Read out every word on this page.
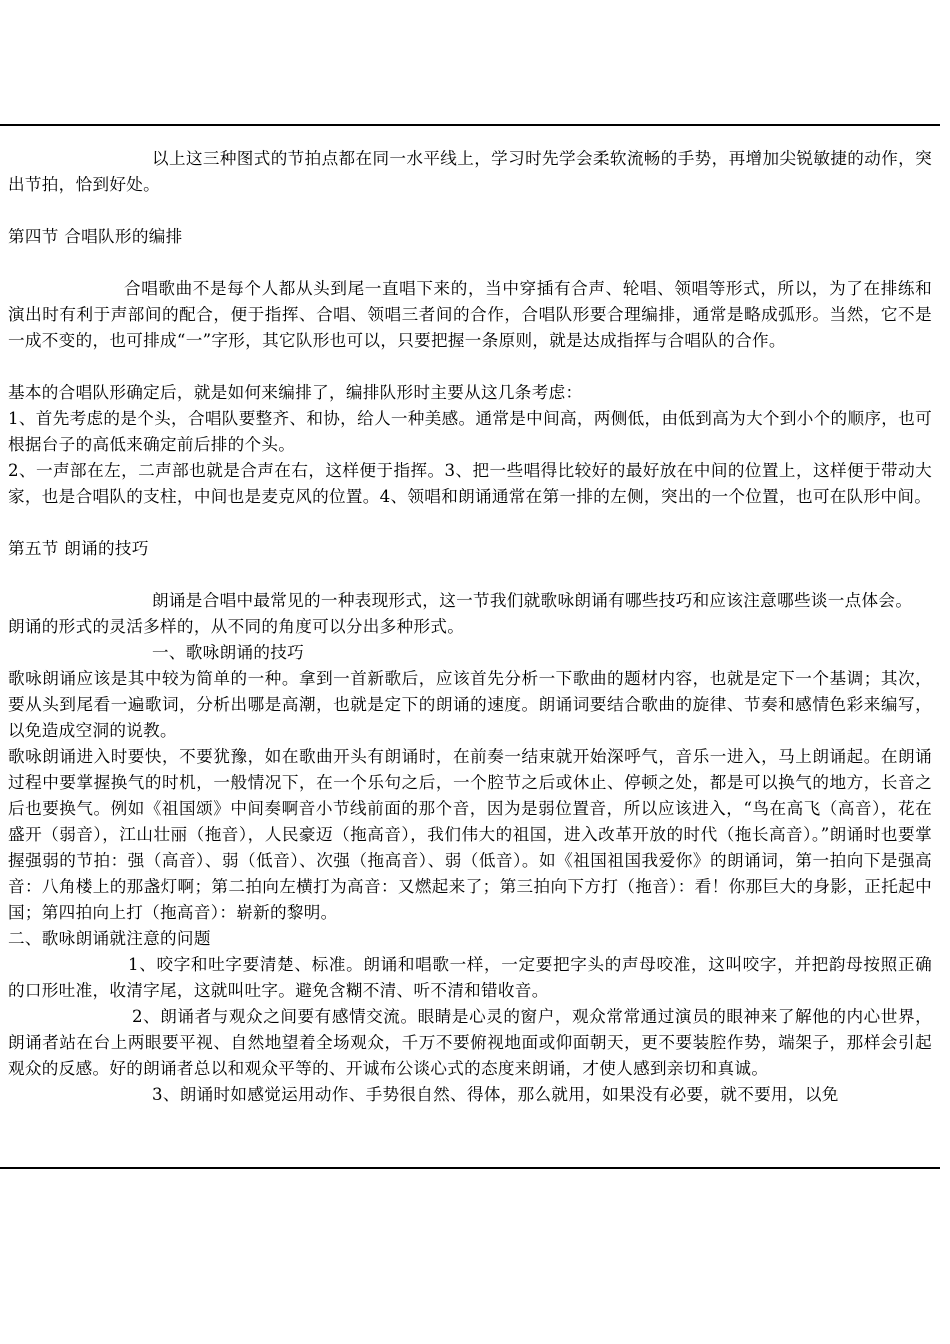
以上这三种图式的节拍点都在同一水平线上，学习时先学会柔软流畅的手势，再增加尖锐敏捷的动作，突出节拍，恰到好处。

第四节 合唱队形的编排

合唱歌曲不是每个人都从头到尾一直唱下来的，当中穿插有合声、轮唱、领唱等形式，所以，为了在排练和演出时有利于声部间的配合，便于指挥、合唱、领唱三者间的合作，合唱队形要合理编排，通常是略成弧形。当然，它不是一成不变的，也可排成“一”字形，其它队形也可以，只要把握一条原则，就是达成指挥与合唱队的合作。

基本的合唱队形确定后，就是如何来编排了，编排队形时主要从这几条考虑：

1、首先考虑的是个头，合唱队要整齐、和协，给人一种美感。通常是中间高，两侧低，由低到高为大个到小个的顺序，也可根据台子的高低来确定前后排的个头。

2、一声部在左，二声部也就是合声在右，这样便于指挥。3、把一些唱得比较好的最好放在中间的位置上，这样便于带动大家，也是合唱队的支柱，中间也是麦克风的位置。4、领唱和朗诵通常在第一排的左侧，突出的一个位置，也可在队形中间。

第五节 朗诵的技巧

朗诵是合唱中最常见的一种表现形式，这一节我们就歌咏朗诵有哪些技巧和应该注意哪些谈一点体会。

朗诵的形式的灵活多样的，从不同的角度可以分出多种形式。

一、歌咏朗诵的技巧

歌咏朗诵应该是其中较为简单的一种。拿到一首新歌后，应该首先分析一下歌曲的题材内容，也就是定下一个基调；其次，要从头到尾看一遍歌词，分析出哪是高潮，也就是定下的朗诵的速度。朗诵词要结合歌曲的旋律、节奏和感情色彩来编写，以免造成空洞的说教。

歌咏朗诵进入时要快，不要犹豫，如在歌曲开头有朗诵时，在前奏一结束就开始深呼气，音乐一进入，马上朗诵起。在朗诵过程中要掌握换气的时机，一般情况下，在一个乐句之后，一个腔节之后或休止、停顿之处，都是可以换气的地方，长音之后也要换气。例如《祖国颂》中间奏啊音小节线前面的那个音，因为是弱位置音，所以应该进入，“鸟在高飞（高音），花在盛开（弱音），江山壮丽（拖音），人民豪迈（拖高音），我们伟大的祖国，进入改革开放的时代（拖长高音）。”朗诵时也要掌握强弱的节拍：强（高音）、弱（低音）、次强（拖高音）、弱（低音）。如《祖国祖国我爱你》的朗诵词，第一拍向下是强高音：八角楼上的那盏灯啊；第二拍向左横打为高音：又燃起来了；第三拍向下方打（拖音）：看！你那巨大的身影，正托起中国；第四拍向上打（拖高音）：崭新的黎明。

二、歌咏朗诵就注意的问题

1、咬字和吐字要清楚、标准。朗诵和唱歌一样，一定要把字头的声母咬准，这叫咬字，并把韵母按照正确的口形吐准，收清字尾，这就叫吐字。避免含糊不清、听不清和错收音。

2、朗诵者与观众之间要有感情交流。眼睛是心灵的窗户，观众常常通过演员的眼神来了解他的内心世界，朗诵者站在台上两眼要平视、自然地望着全场观众，千万不要俯视地面或仰面朝天，更不要装腔作势，端架子，那样会引起观众的反感。好的朗诵者总以和观众平等的、开诚布公谈心式的态度来朗诵，才使人感到亲切和真诚。

3、朗诵时如感觉运用动作、手势很自然、得体，那么就用，如果没有必要，就不要用，以免
